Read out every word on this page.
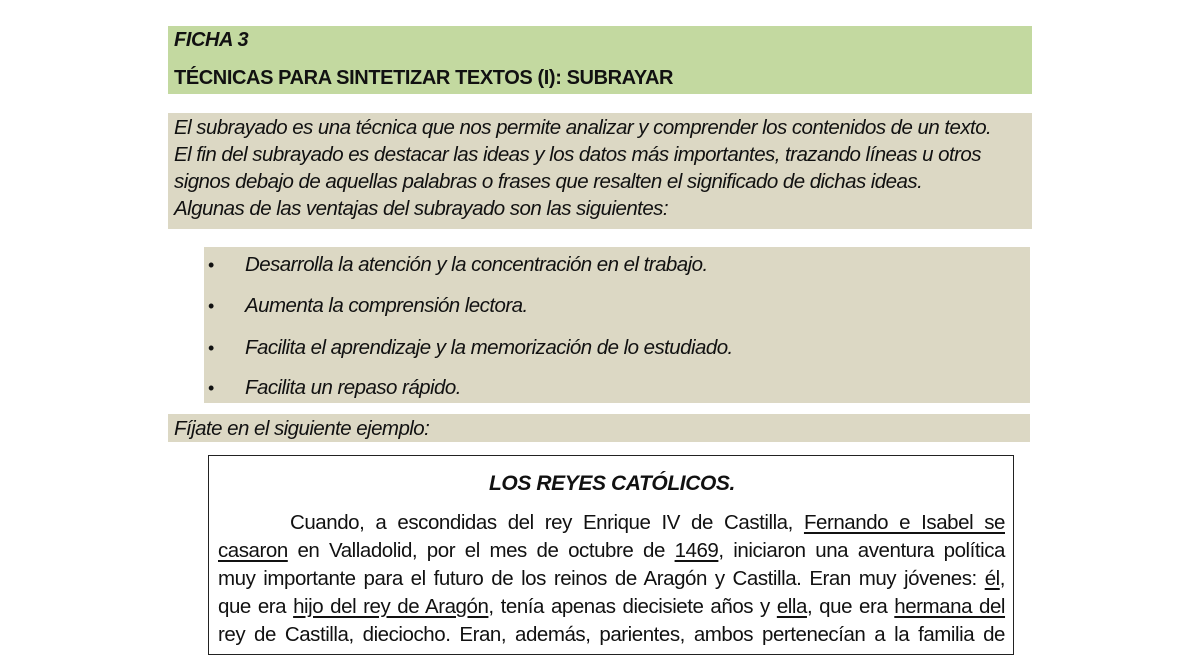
FICHA 3
TÉCNICAS PARA SINTETIZAR TEXTOS (I): SUBRAYAR
El subrayado es una técnica que nos permite analizar y comprender los contenidos de un texto.
El fin del subrayado es destacar las ideas y los datos más importantes, trazando líneas u otros
signos debajo de aquellas palabras o frases que resalten el significado de dichas ideas.
Algunas de las ventajas del subrayado son las siguientes:
• Desarrolla la atención y la concentración en el trabajo.
• Aumenta la comprensión lectora.
• Facilita el aprendizaje y la memorización de lo estudiado.
• Facilita un repaso rápido.
Fíjate en el siguiente ejemplo:
LOS REYES CATÓLICOS.
Cuando, a escondidas del rey Enrique IV de Castilla, Fernando e Isabel se
casaron en Valladolid, por el mes de octubre de 1469, iniciaron una aventura política
muy importante para el futuro de los reinos de Aragón y Castilla. Eran muy jóvenes: él,
que era hijo del rey de Aragón, tenía apenas diecisiete años y ella, que era hermana del
rey de Castilla, dieciocho. Eran, además, parientes, ambos pertenecían a la familia de
